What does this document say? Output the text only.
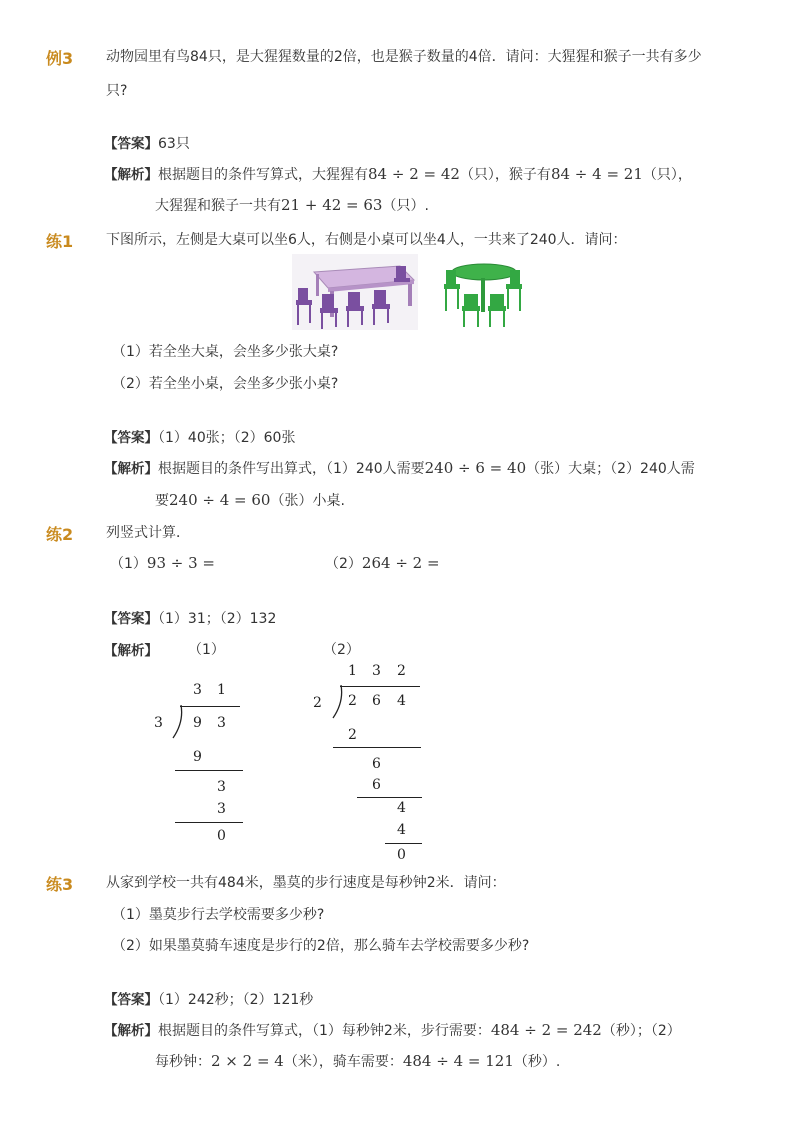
例3 动物园里有鸟84只，是大猩猩数量的2倍，也是猴子数量的4倍．请问：大猩猩和猴子一共有多少
只?
【答案】63只
【解析】根据题目的条件写算式，大猩猩有84 ÷ 2 = 42（只），猴子有84 ÷ 4 = 21（只），
大猩猩和猴子一共有21 + 42 = 63（只）.
练1 下图所示，左侧是大桌可以坐6人，右侧是小桌可以坐4人，一共来了240人．请问：
（1）若全坐大桌，会坐多少张大桌?
（2）若全坐小桌，会坐多少张小桌?
【答案】（1）40张；（2）60张
【解析】根据题目的条件写出算式，（1）240人需要240 ÷ 6 = 40（张）大桌；（2）240人需
要240 ÷ 4 = 60（张）小桌.
练2 列竖式计算．
（1）93 ÷ 3 =	（2）264 ÷ 2 =
【答案】（1）31；（2）132
【解析】 （1）	（2）
3 1
3 9 3
9
3
3
0
1 3 2
2 2 6 4
2
6
6
4
4
0
练3 从家到学校一共有484米，墨莫的步行速度是每秒钟2米．请问：
（1）墨莫步行去学校需要多少秒?
（2）如果墨莫骑车速度是步行的2倍，那么骑车去学校需要多少秒?
【答案】（1）242秒；（2）121秒
【解析】根据题目的条件写算式，（1）每秒钟2米，步行需要：484 ÷ 2 = 242（秒）；（2）
每秒钟：2 × 2 = 4（米），骑车需要：484 ÷ 4 = 121（秒）.
